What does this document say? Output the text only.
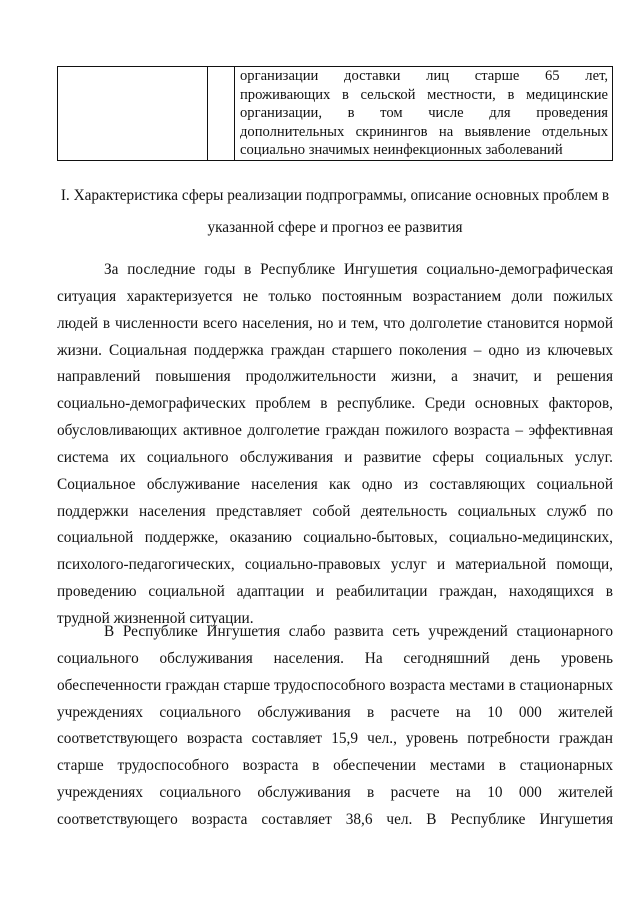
организации доставки лиц старше 65 лет,
проживающих в сельской местности, в медицинские
организации, в том числе для проведения
дополнительных скринингов на выявление отдельных
социально значимых неинфекционных заболеваний
I. Характеристика сферы реализации подпрограммы, описание основных проблем в
указанной сфере и прогноз ее развития
За последние годы в Республике Ингушетия социально-демографическая
ситуация характеризуется не только постоянным возрастанием доли пожилых
людей в численности всего населения, но и тем, что долголетие становится нормой
жизни. Социальная поддержка граждан старшего поколения – одно из ключевых
направлений повышения продолжительности жизни, а значит, и решения
социально-демографических проблем в республике. Среди основных факторов,
обусловливающих активное долголетие граждан пожилого возраста – эффективная
система их социального обслуживания и развитие сферы социальных услуг.
Социальное обслуживание населения как одно из составляющих социальной
поддержки населения представляет собой деятельность социальных служб по
социальной поддержке, оказанию социально-бытовых, социально-медицинских,
психолого-педагогических, социально-правовых услуг и материальной помощи,
проведению социальной адаптации и реабилитации граждан, находящихся в
трудной жизненной ситуации.
В Республике Ингушетия слабо развита сеть учреждений стационарного
социального обслуживания населения. На сегодняшний день уровень
обеспеченности граждан старше трудоспособного возраста местами в стационарных
учреждениях социального обслуживания в расчете на 10 000 жителей
соответствующего возраста составляет 15,9 чел., уровень потребности граждан
старше трудоспособного возраста в обеспечении местами в стационарных
учреждениях социального обслуживания в расчете на 10 000 жителей
соответствующего возраста составляет 38,6 чел. В Республике Ингушетия
